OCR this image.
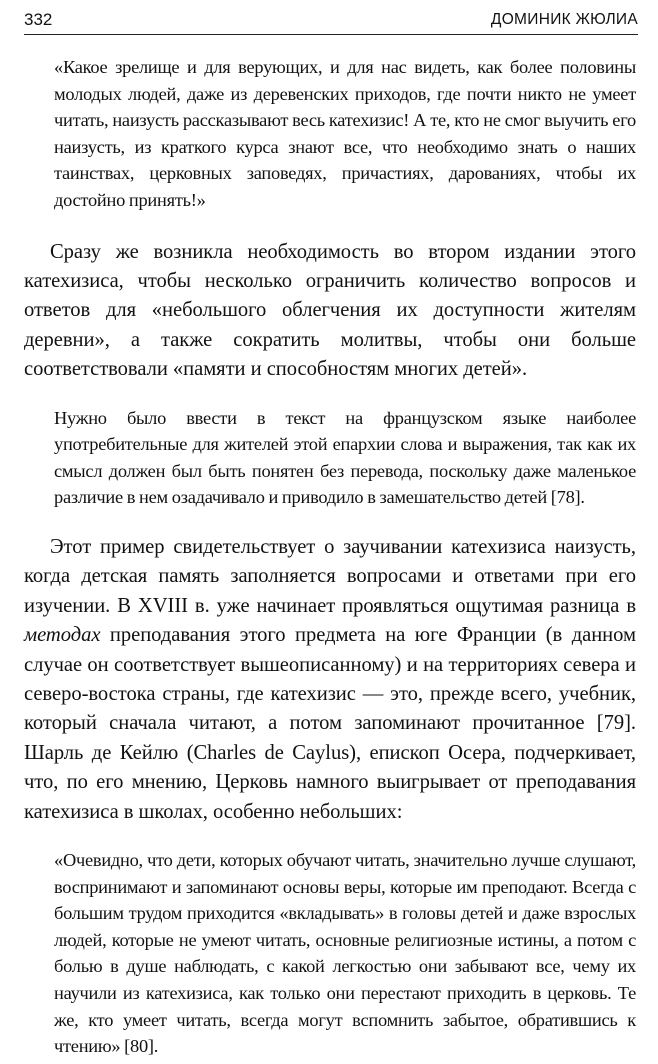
332	ДОМИНИК ЖЮЛИА

«Какое зрелище и для верующих, и для нас видеть, как более половины молодых людей, даже из деревенских приходов, где почти никто не умеет читать, наизусть рассказывают весь катехизис! А те, кто не смог выучить его наизусть, из краткого курса знают все, что необходимо знать о наших таинствах, церковных заповедях, причастиях, дарованиях, чтобы их достойно принять!»

Сразу же возникла необходимость во втором издании этого катехизиса, чтобы несколько ограничить количество вопросов и ответов для «небольшого облегчения их доступности жителям деревни», а также сократить молитвы, чтобы они больше соответствовали «памяти и способностям многих детей».

Нужно было ввести в текст на французском языке наиболее употребительные для жителей этой епархии слова и выражения, так как их смысл должен был быть понятен без перевода, поскольку даже маленькое различие в нем озадачивало и приводило в замешательство детей [78].

Этот пример свидетельствует о заучивании катехизиса наизусть, когда детская память заполняется вопросами и ответами при его изучении. В XVIII в. уже начинает проявляться ощутимая разница в методах преподавания этого предмета на юге Франции (в данном случае он соответствует вышеописанному) и на территориях севера и северо-востока страны, где катехизис — это, прежде всего, учебник, который сначала читают, а потом запоминают прочитанное [79]. Шарль де Кейлю (Charles de Caylus), епископ Осера, подчеркивает, что, по его мнению, Церковь намного выигрывает от преподавания катехизиса в школах, особенно небольших:

«Очевидно, что дети, которых обучают читать, значительно лучше слушают, воспринимают и запоминают основы веры, которые им преподают. Всегда с большим трудом приходится «вкладывать» в головы детей и даже взрослых людей, которые не умеют читать, основные религиозные истины, а потом с болью в душе наблюдать, с какой легкостью они забывают все, чему их научили из катехизиса, как только они перестают приходить в церковь. Те же, кто умеет читать, всегда могут вспомнить забытое, обратившись к чтению» [80].
